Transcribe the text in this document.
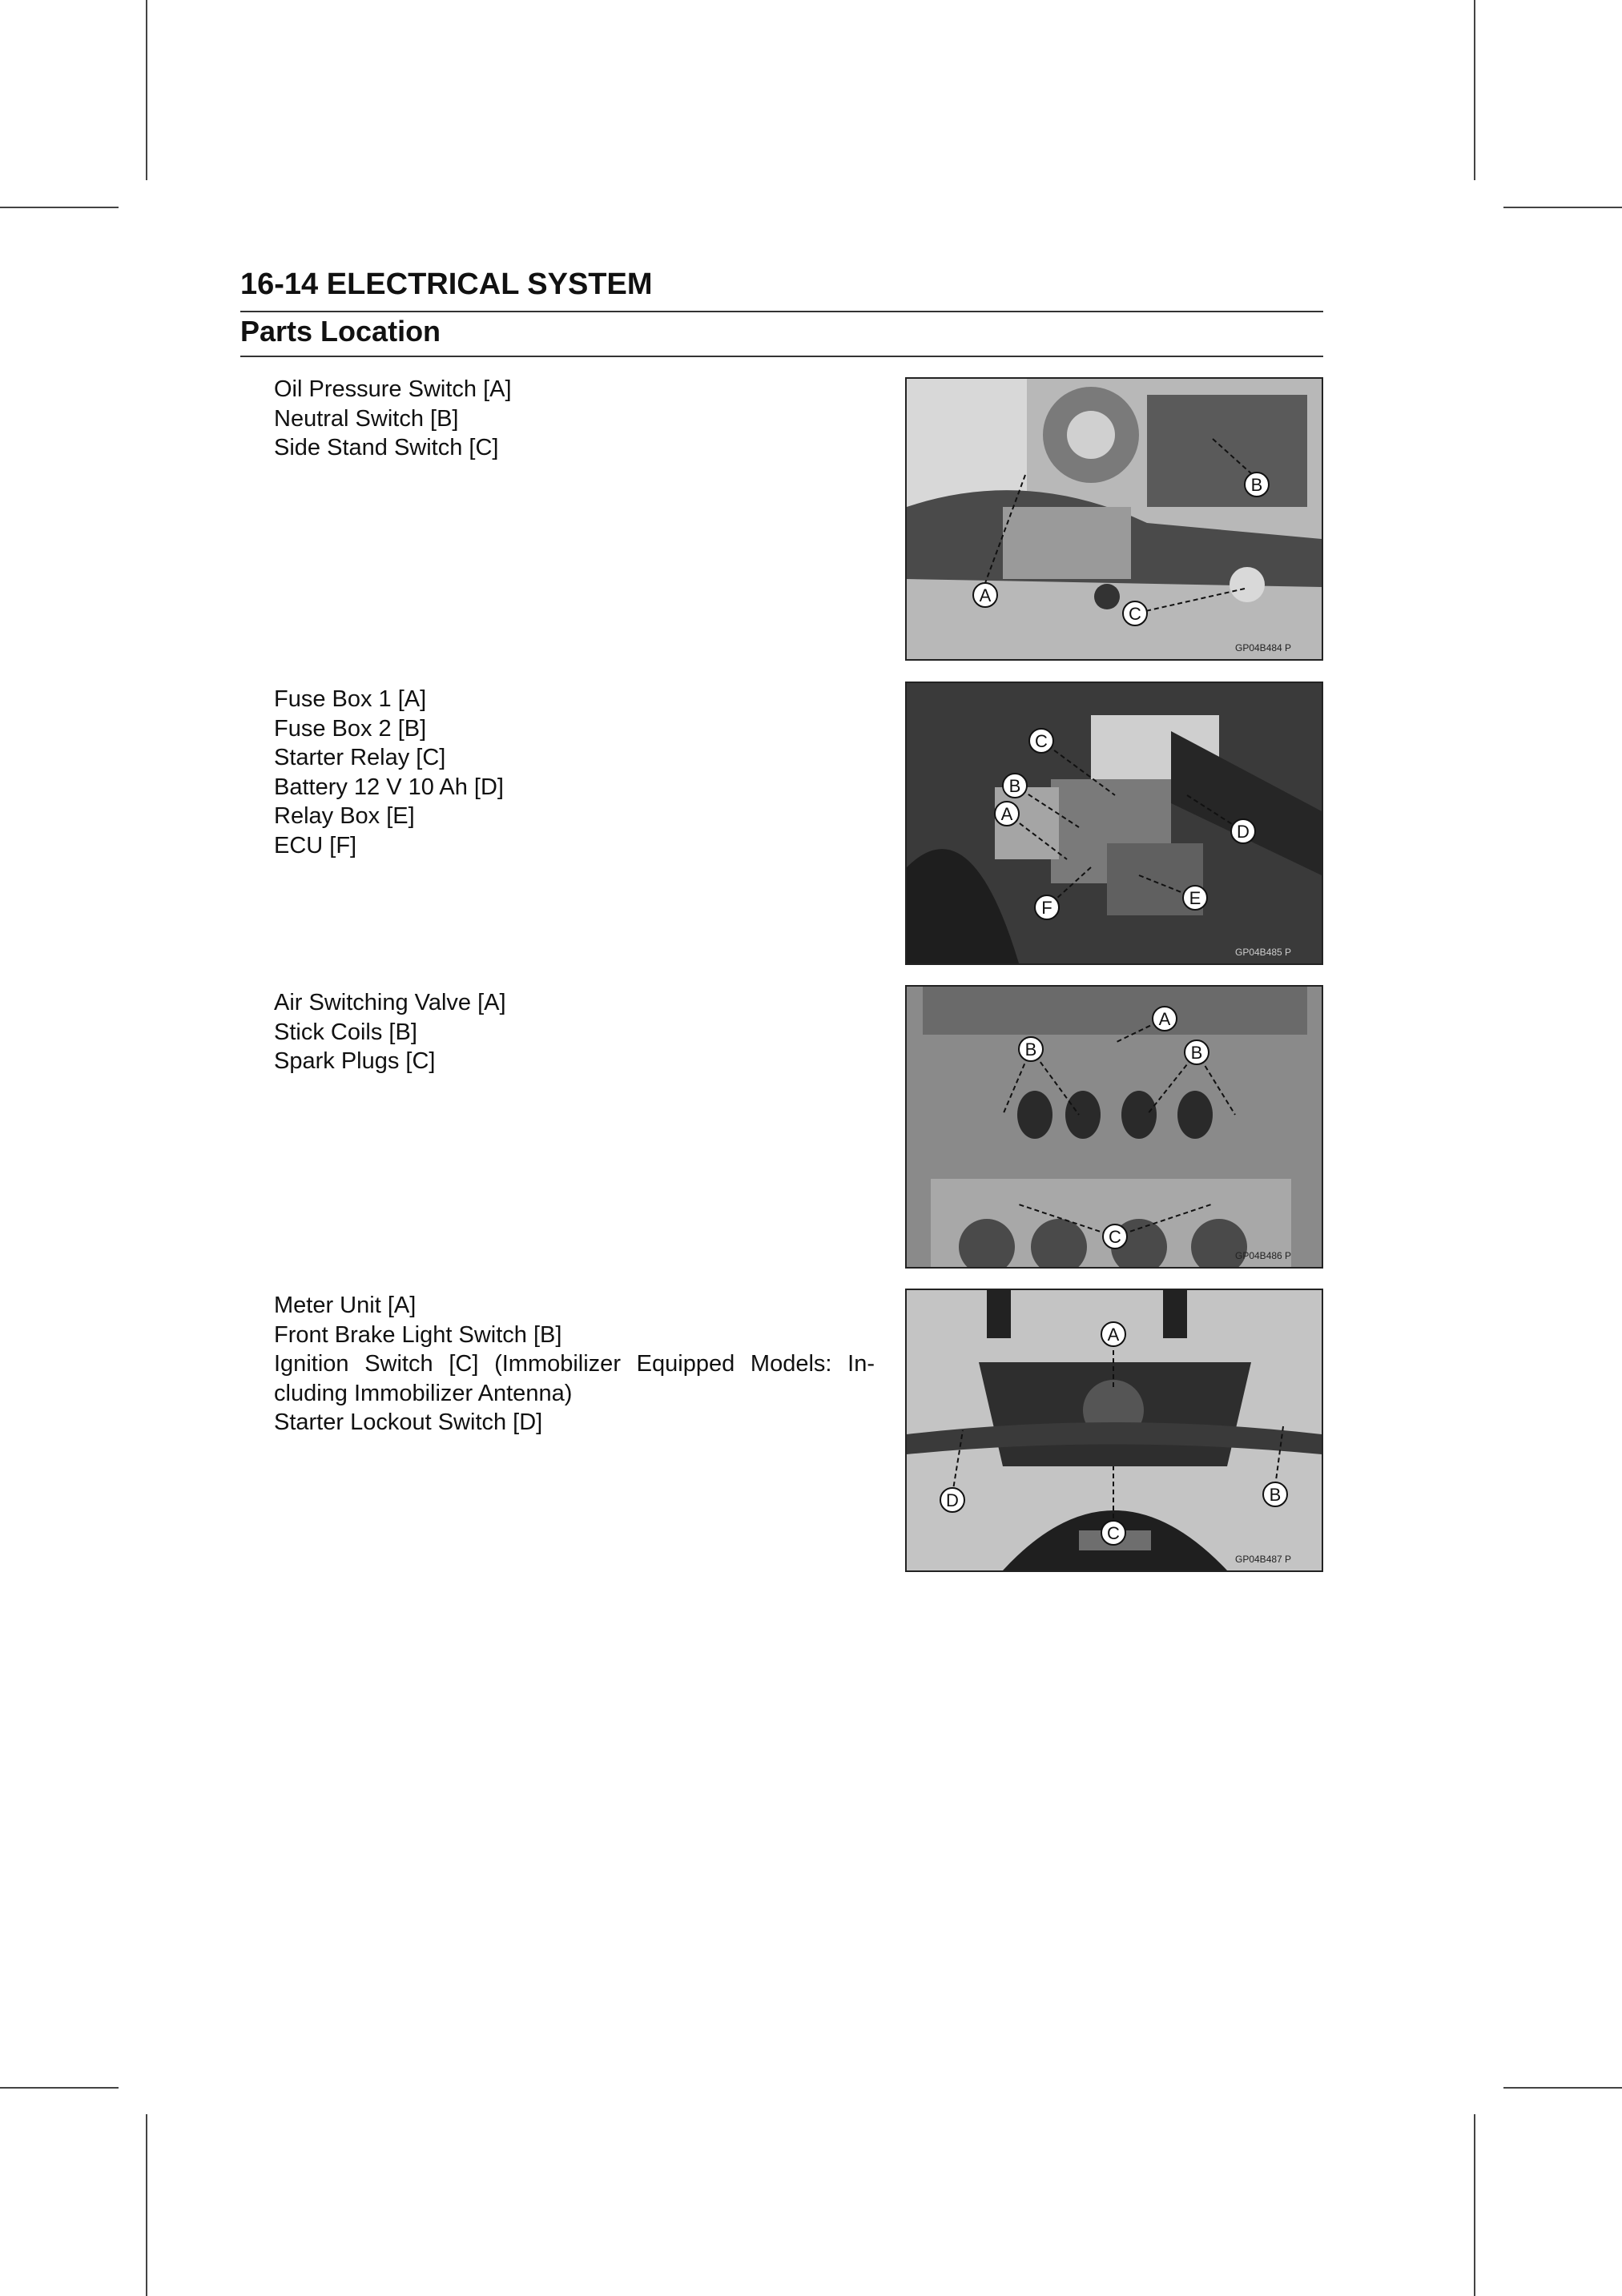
16-14 ELECTRICAL SYSTEM
Parts Location
Oil Pressure Switch [A]
Neutral Switch [B]
Side Stand Switch [C]
A
B
C
GP04B484 P
Fuse Box 1 [A]
Fuse Box 2 [B]
Starter Relay [C]
Battery 12 V 10 Ah [D]
Relay Box [E]
ECU [F]
A
B
C
D
E
F
GP04B485 P
Air Switching Valve [A]
Stick Coils [B]
Spark Plugs [C]
A
B	B
C
GP04B486 P
Meter Unit [A]
Front Brake Light Switch [B]
Ignition Switch [C] (Immobilizer Equipped Models: In-cluding Immobilizer Antenna)
Starter Lockout Switch [D]
A
B
C
D
GP04B487 P
